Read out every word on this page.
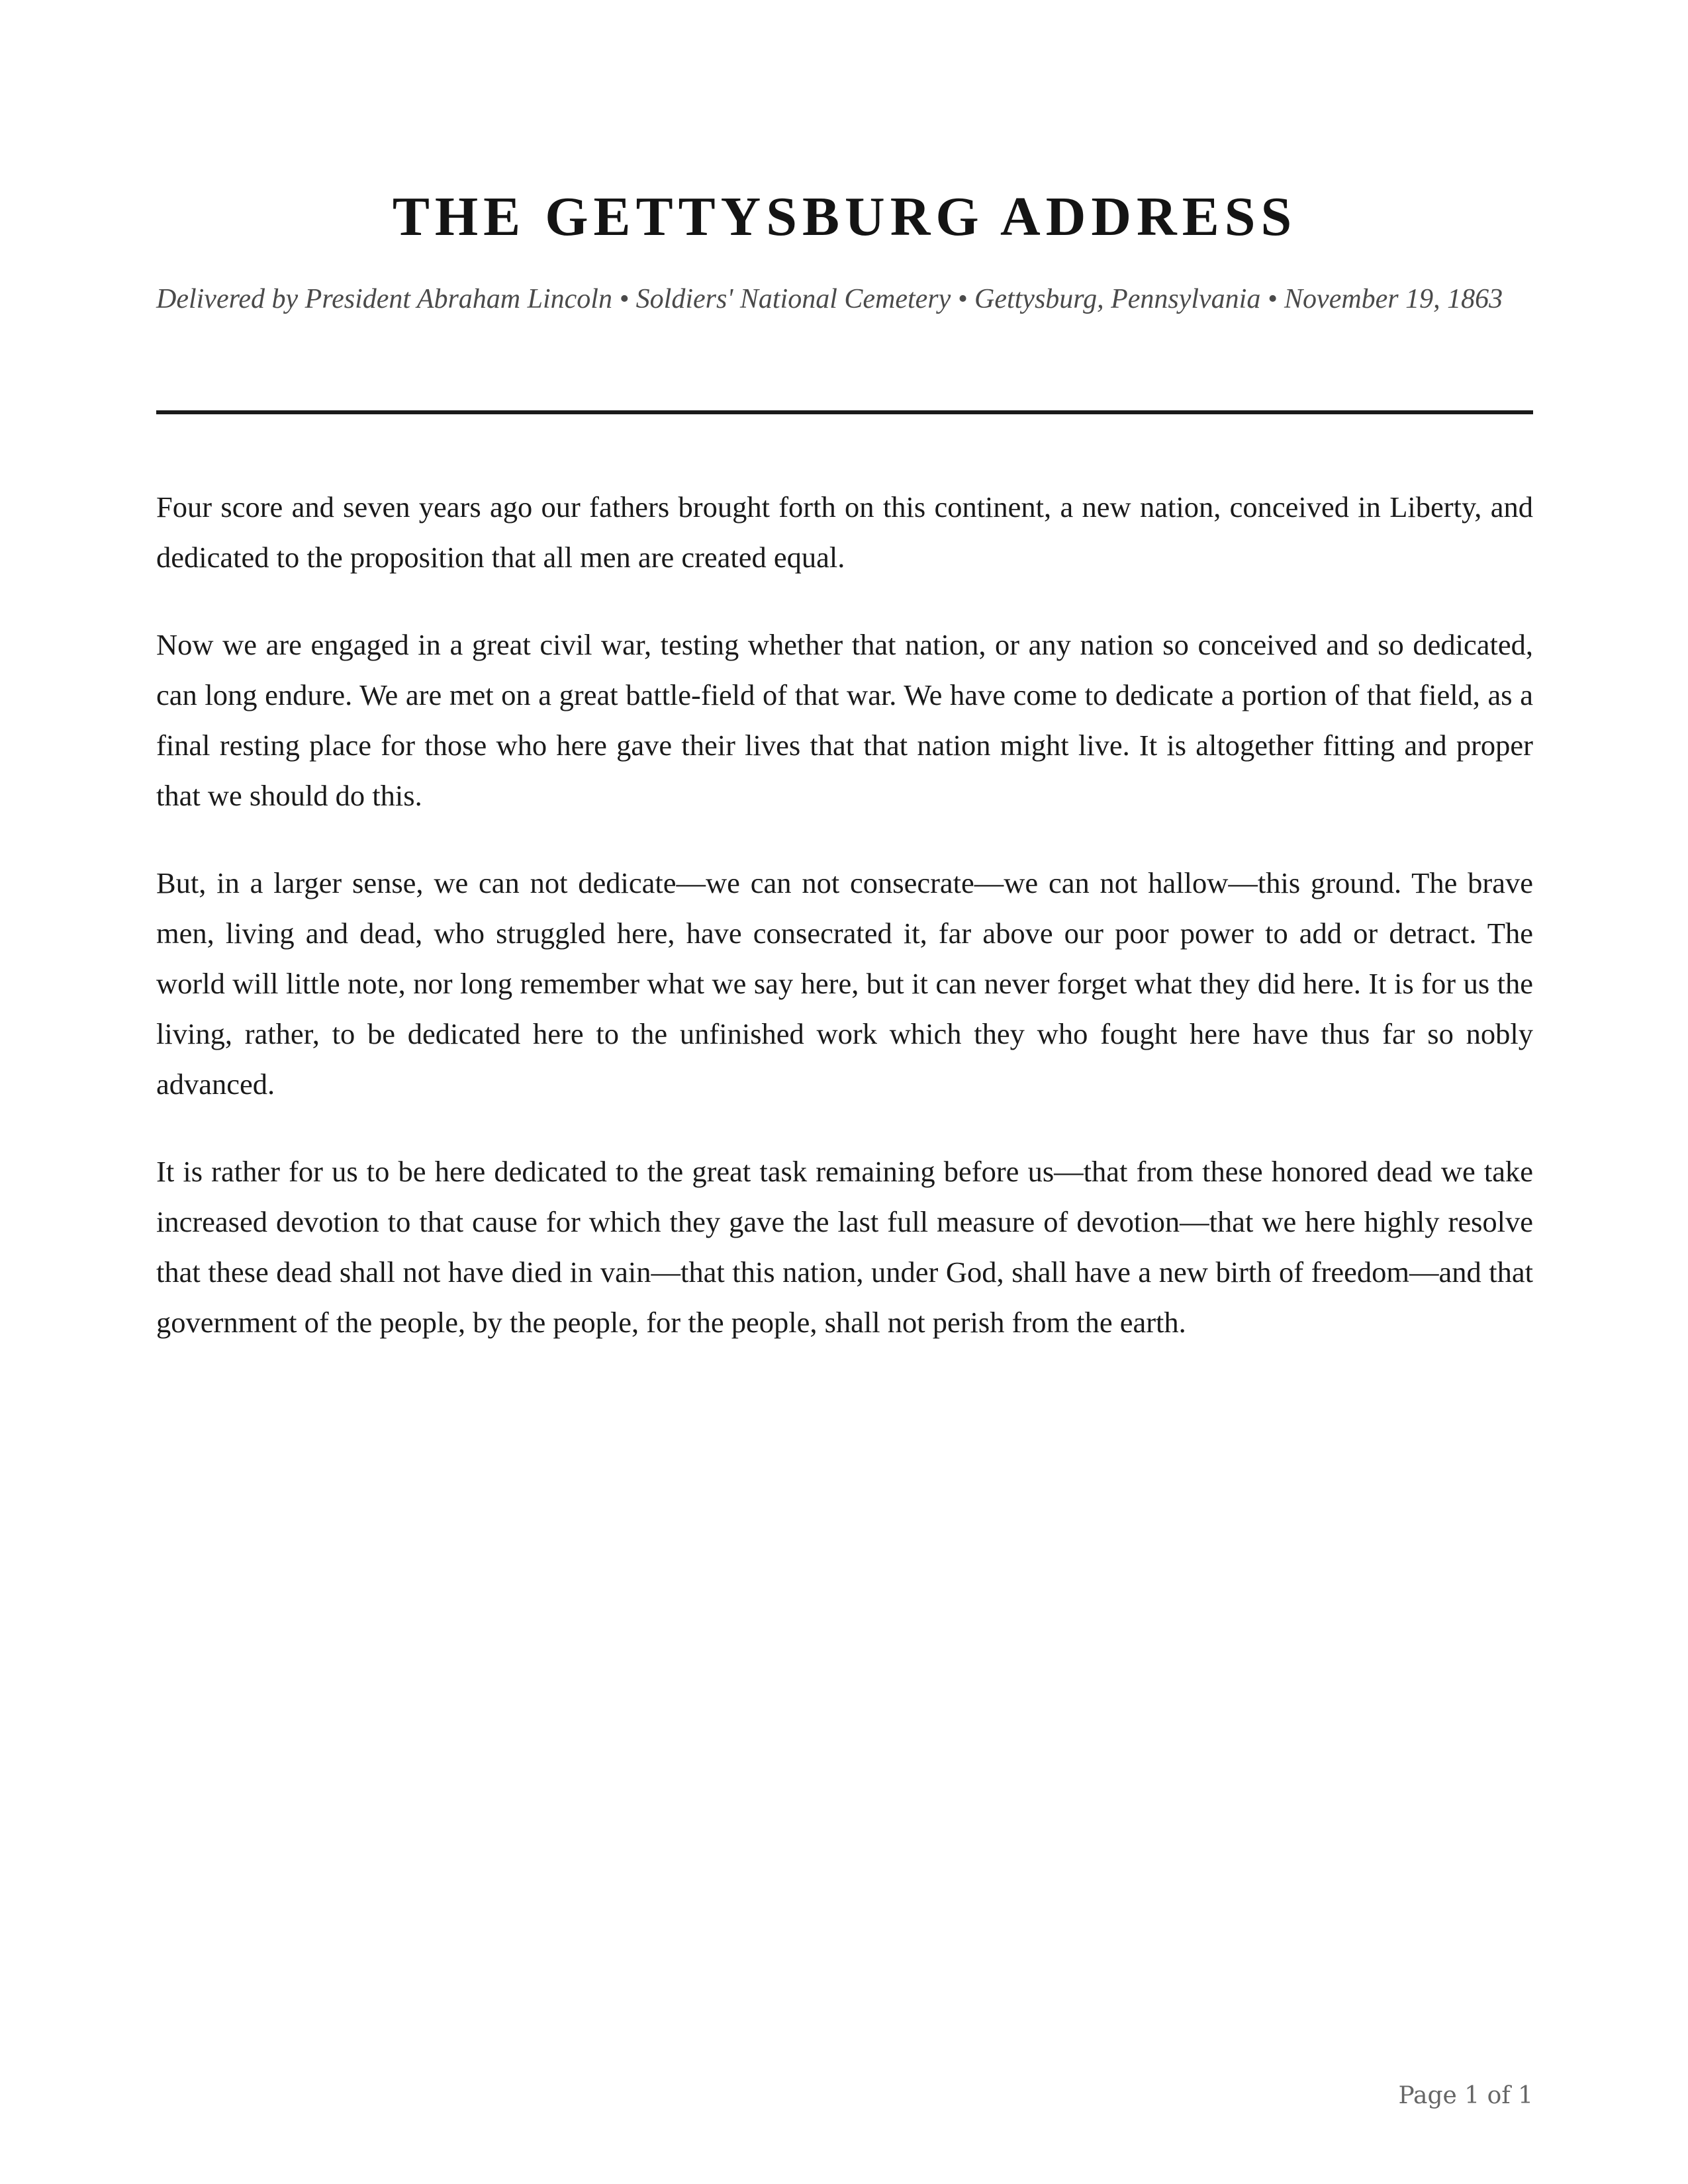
THE GETTYSBURG ADDRESS

Delivered by President Abraham Lincoln • Soldiers' National Cemetery • Gettysburg, Pennsylvania • November 19, 1863

Four score and seven years ago our fathers brought forth on this continent, a new nation, conceived in Liberty, and dedicated to the proposition that all men are created equal.

Now we are engaged in a great civil war, testing whether that nation, or any nation so conceived and so dedicated, can long endure. We are met on a great battle-field of that war. We have come to dedicate a portion of that field, as a final resting place for those who here gave their lives that that nation might live. It is altogether fitting and proper that we should do this.

But, in a larger sense, we can not dedicate—we can not consecrate—we can not hallow—this ground. The brave men, living and dead, who struggled here, have consecrated it, far above our poor power to add or detract. The world will little note, nor long remember what we say here, but it can never forget what they did here. It is for us the living, rather, to be dedicated here to the unfinished work which they who fought here have thus far so nobly advanced.

It is rather for us to be here dedicated to the great task remaining before us—that from these honored dead we take increased devotion to that cause for which they gave the last full measure of devotion—that we here highly resolve that these dead shall not have died in vain—that this nation, under God, shall have a new birth of freedom—and that government of the people, by the people, for the people, shall not perish from the earth.

Page 1 of 1
